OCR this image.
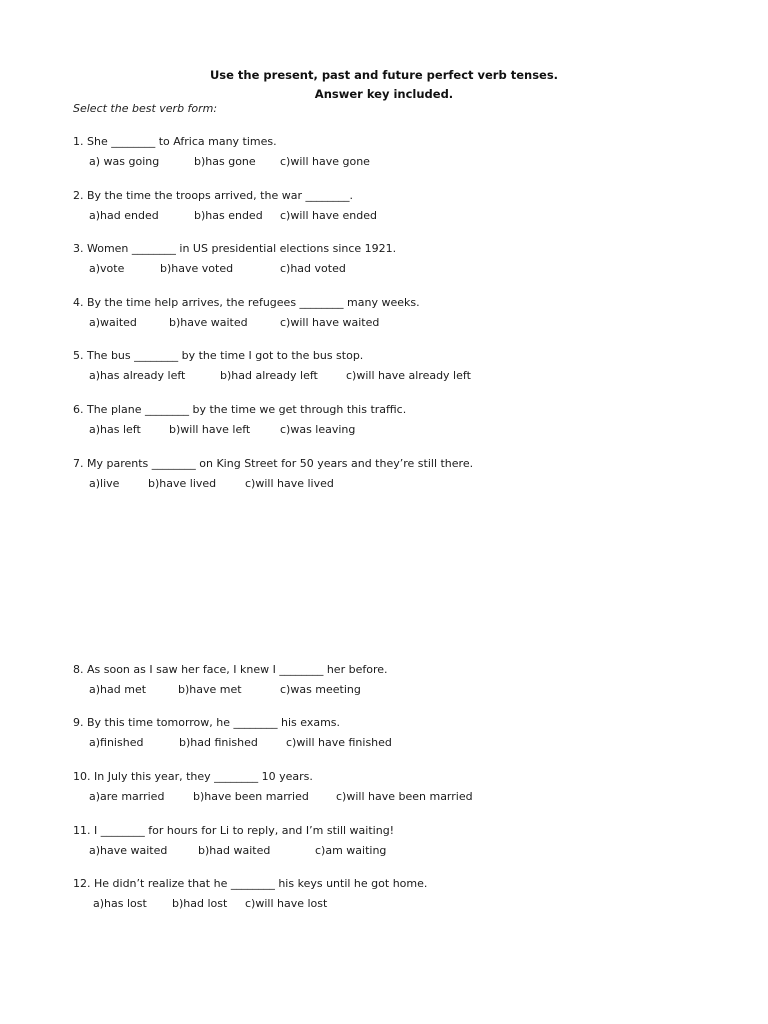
Use the present, past and future perfect verb tenses.
Answer key included.
Select the best verb form:
1. She ________ to Africa many times.
a) was going	b)has gone c)will have gone
2. By the time the troops arrived, the war ________.
a)had ended	b)has ended c)will have ended
3. Women ________ in US presidential elections since 1921.
a)vote	b)have voted	c)had voted
4. By the time help arrives, the refugees ________ many weeks.
a)waited	b)have waited	c)will have waited
5. The bus ________ by the time I got to the bus stop.
a)has already left	b)had already left	c)will have already left
6. The plane ________ by the time we get through this traffic.
a)has left	b)will have left	c)was leaving
7. My parents ________ on King Street for 50 years and they’re still there.
a)live	b)have lived	c)will have lived
8. As soon as I saw her face, I knew I ________ her before.
a)had met	b)have met	c)was meeting
9. By this time tomorrow, he ________ his exams.
a)finished	b)had finished	c)will have finished
10. In July this year, they ________ 10 years.
a)are married	b)have been married c)will have been married
11. I ________ for hours for Li to reply, and I’m still waiting!
a)have waited	b)had waited	c)am waiting
12. He didn’t realize that he ________ his keys until he got home.
a)has lost b)had lost c)will have lost
